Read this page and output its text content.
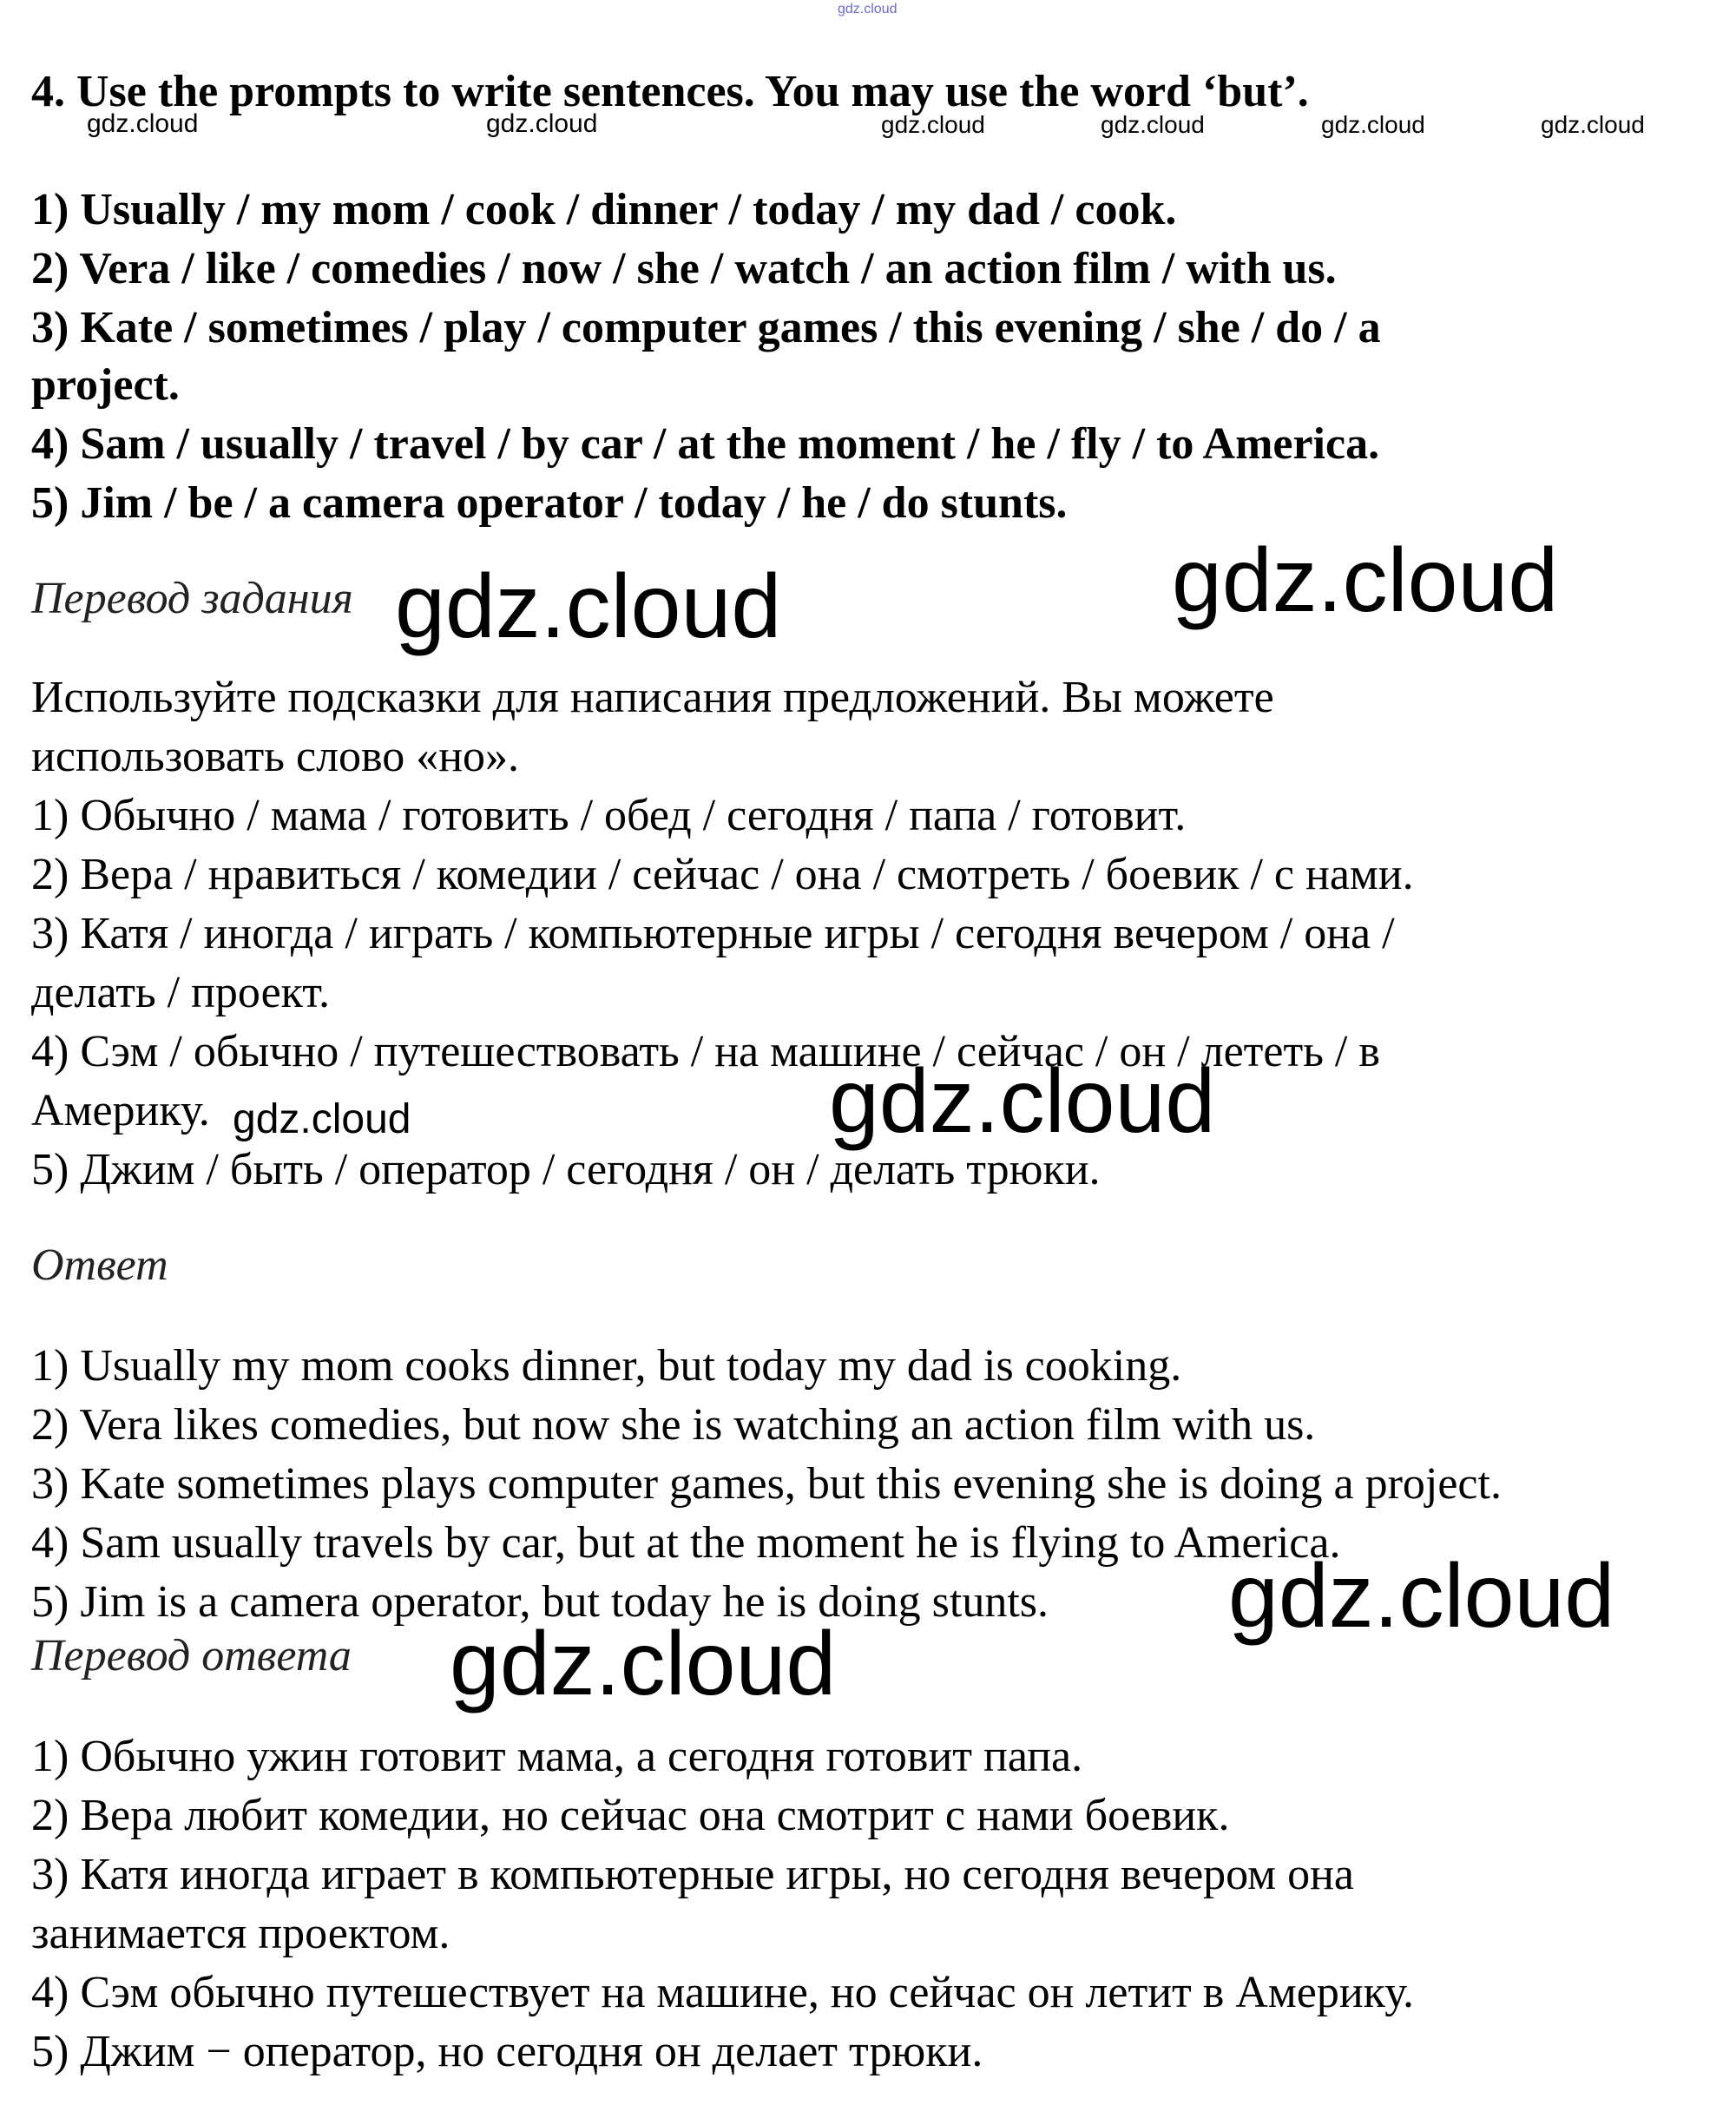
gdz.cloud
gdz.cloud	gdz.cloud	gdz.cloud	gdz.cloud	gdz.cloud	gdz.cloud
gdz.cloud	gdz.cloud
gdz.cloud	gdz.cloud
gdz.cloud
gdz.cloud
4. Use the prompts to write sentences. You may use the word ‘but’.
1) Usually / my mom / cook / dinner / today / my dad / cook.
2) Vera / like / comedies / now / she / watch / an action film / with us.
3) Kate / sometimes / play / computer games / this evening / she / do / a
project.
4) Sam / usually / travel / by car / at the moment / he / fly / to America.
5) Jim / be / a camera operator / today / he / do stunts.
Перевод задания
Используйте подсказки для написания предложений. Вы можете
использовать слово «но».
1) Обычно / мама / готовить / обед / сегодня / папа / готовит.
2) Вера / нравиться / комедии / сейчас / она / смотреть / боевик / с нами.
3) Катя / иногда / играть / компьютерные игры / сегодня вечером / она /
делать / проект.
4) Сэм / обычно / путешествовать / на машине / сейчас / он / лететь / в
Америку.
5) Джим / быть / оператор / сегодня / он / делать трюки.
Ответ
1) Usually my mom cooks dinner, but today my dad is cooking.
2) Vera likes comedies, but now she is watching an action film with us.
3) Kate sometimes plays computer games, but this evening she is doing a project.
4) Sam usually travels by car, but at the moment he is flying to America.
5) Jim is a camera operator, but today he is doing stunts.
Перевод ответа
1) Обычно ужин готовит мама, а сегодня готовит папа.
2) Вера любит комедии, но сейчас она смотрит с нами боевик.
3) Катя иногда играет в компьютерные игры, но сегодня вечером она
занимается проектом.
4) Сэм обычно путешествует на машине, но сейчас он летит в Америку.
5) Джим − оператор, но сегодня он делает трюки.
